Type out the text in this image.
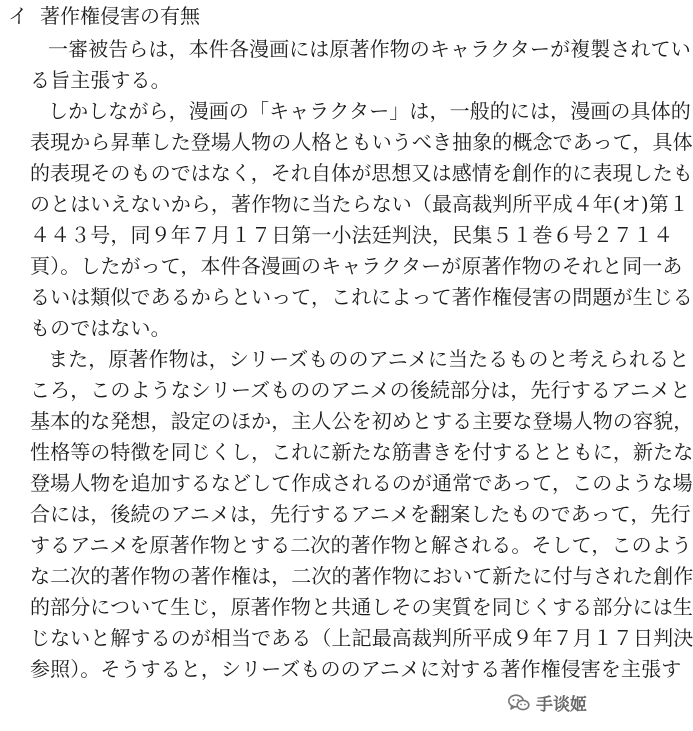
イ 著作権侵害の有無
一審被告らは，本件各漫画には原著作物のキャラクターが複製されてい
る旨主張する。
しかしながら，漫画の「キャラクター」は，一般的には，漫画の具体的
表現から昇華した登場人物の人格ともいうべき抽象的概念であって，具体
的表現そのものではなく，それ自体が思想又は感情を創作的に表現したも
のとはいえないから，著作物に当たらない（最高裁判所平成４年(オ)第１
４４３号，同９年７月１７日第一小法廷判決，民集５１巻６号２７１４
頁）。したがって，本件各漫画のキャラクターが原著作物のそれと同一あ
るいは類似であるからといって，これによって著作権侵害の問題が生じる
ものではない。
また，原著作物は，シリーズもののアニメに当たるものと考えられると
ころ，このようなシリーズもののアニメの後続部分は，先行するアニメと
基本的な発想，設定のほか，主人公を初めとする主要な登場人物の容貌，
性格等の特徴を同じくし，これに新たな筋書きを付するとともに，新たな
登場人物を追加するなどして作成されるのが通常であって，このような場
合には，後続のアニメは，先行するアニメを翻案したものであって，先行
するアニメを原著作物とする二次的著作物と解される。そして，このよう
な二次的著作物の著作権は，二次的著作物において新たに付与された創作
的部分について生じ，原著作物と共通しその実質を同じくする部分には生
じないと解するのが相当である（上記最高裁判所平成９年７月１７日判決
参照）。そうすると，シリーズもののアニメに対する著作権侵害を主張す
手谈姬
